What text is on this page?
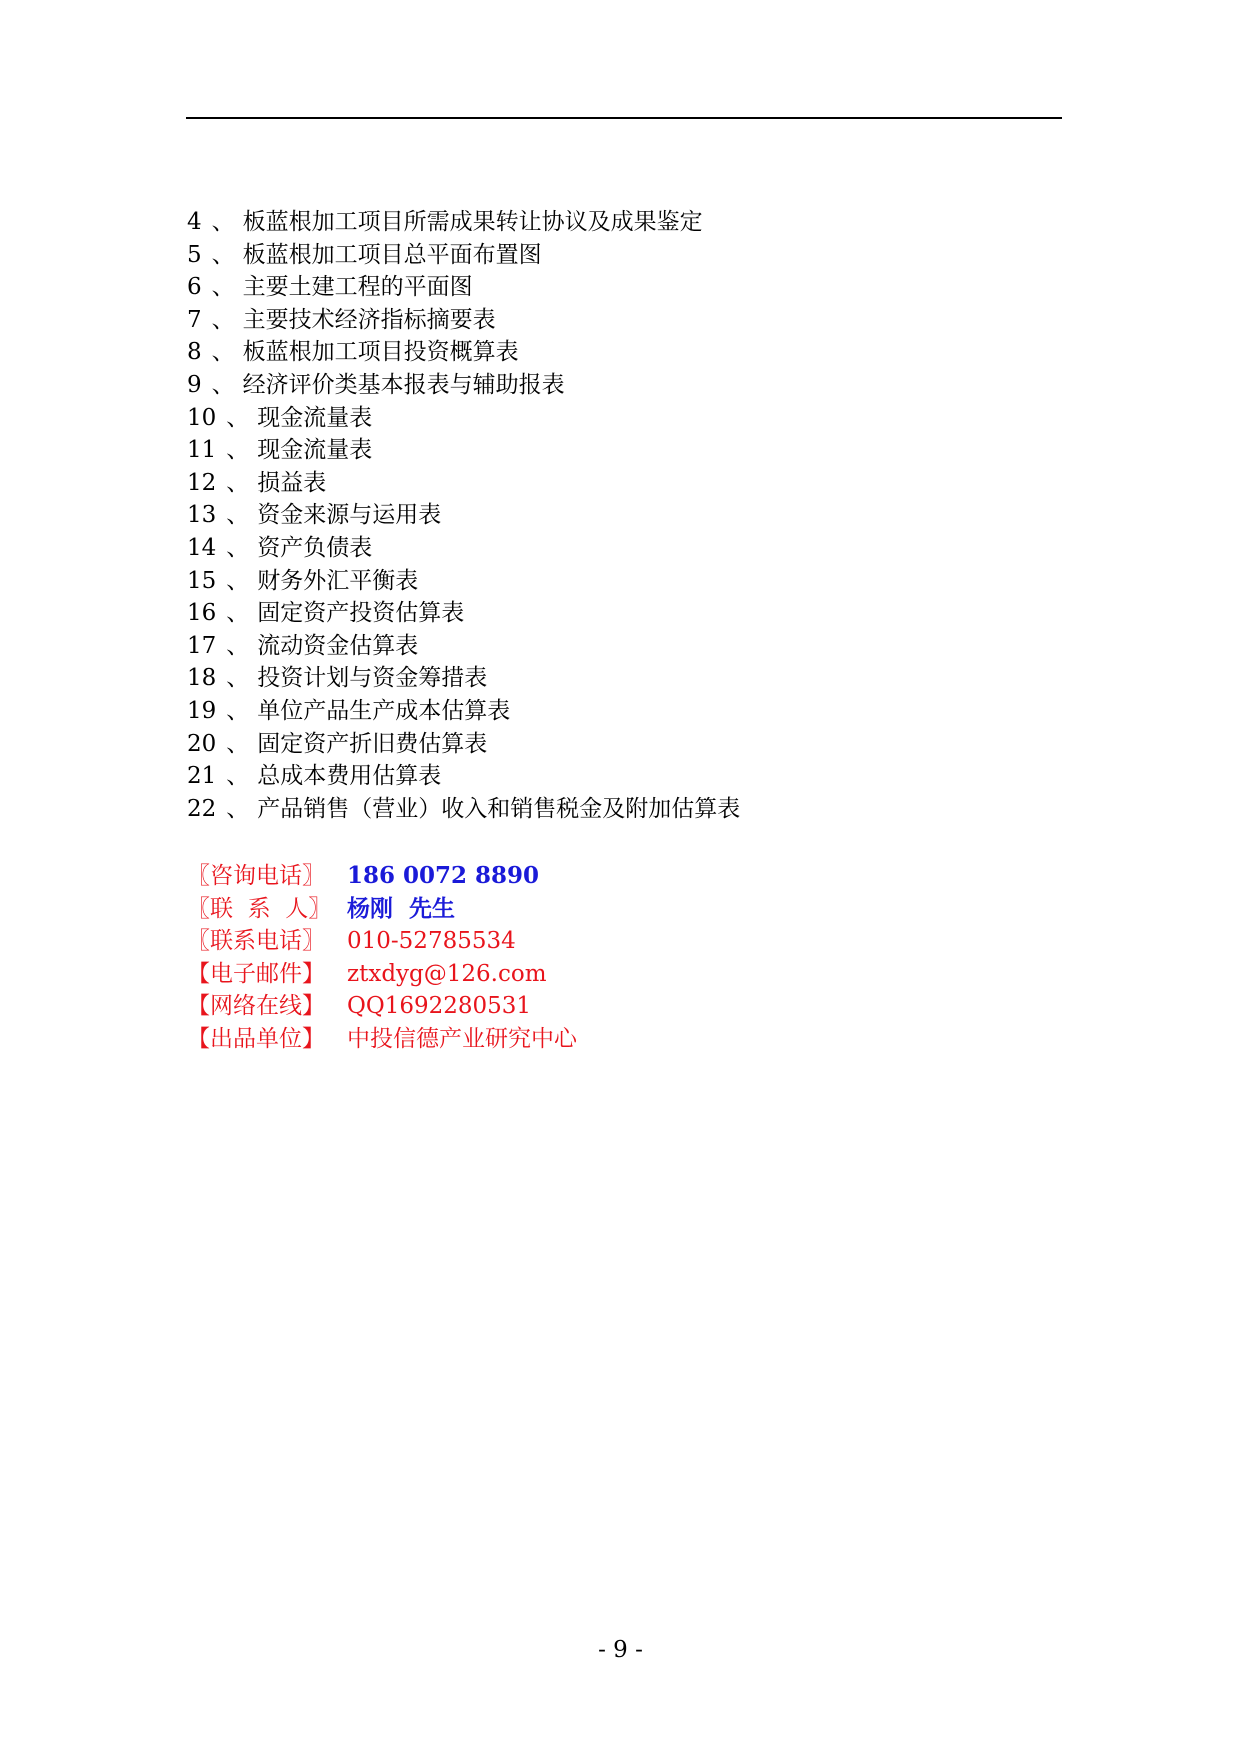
4 、 板蓝根加工项目所需成果转让协议及成果鉴定
5 、 板蓝根加工项目总平面布置图
6 、 主要土建工程的平面图
7 、 主要技术经济指标摘要表
8 、 板蓝根加工项目投资概算表
9 、 经济评价类基本报表与辅助报表
10 、 现金流量表
11 、 现金流量表
12 、 损益表
13 、 资金来源与运用表
14 、 资产负债表
15 、 财务外汇平衡表
16 、 固定资产投资估算表
17 、 流动资金估算表
18 、 投资计划与资金筹措表
19 、 单位产品生产成本估算表
20 、 固定资产折旧费估算表
21 、 总成本费用估算表
22 、 产品销售（营业）收入和销售税金及附加估算表
〖咨询电话〗 186 0072 8890
〖联  系  人〗 杨刚  先生
〖联系电话〗 010-52785534
【电子邮件】 ztxdyg@126.com
【网络在线】 QQ1692280531
【出品单位】 中投信德产业研究中心
- 9 -
